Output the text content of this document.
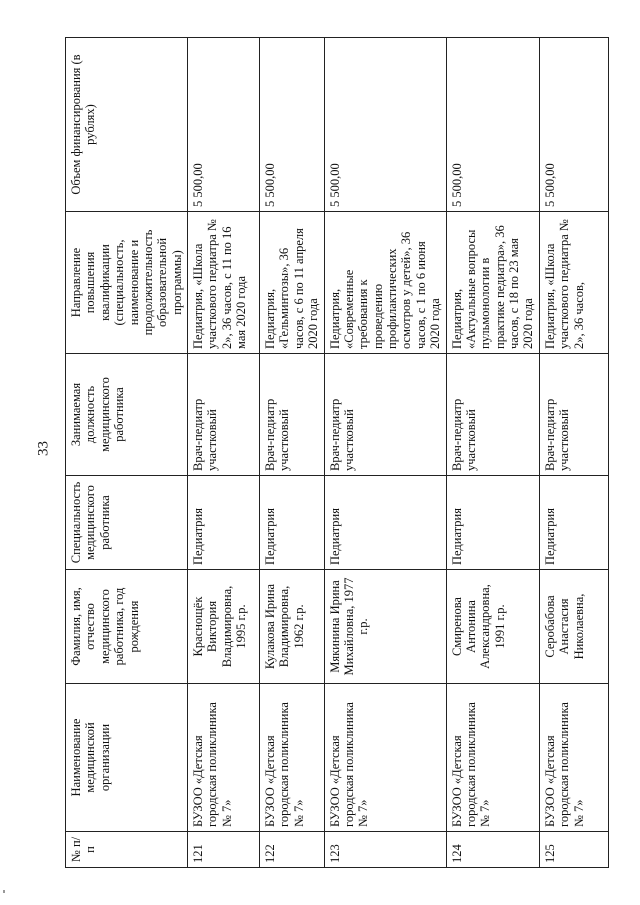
33
№ п/п	Наименование медицинской организации	Фамилия, имя, отчество медицинского работника, год рождения	Специальность медицинского работника	Занимаемая должность медицинского работника	Направление повышения квалификации (специальность, наименование и продолжительность образовательной программы)	Объем финансирования (в рублях)
121	БУЗОО «Детская городская поликлиника № 7»	Краснощёк Виктория Владимировна, 1995 г.р.	Педиатрия	Врач-педиатр участковый	Педиатрия, «Школа участкового педиатра № 2», 36 часов, с 11 по 16 мая 2020 года	5 500,00
122	БУЗОО «Детская городская поликлиника № 7»	Кулакова Ирина Владимировна, 1962 г.р.	Педиатрия	Врач-педиатр участковый	Педиатрия, «Гельминтозы», 36 часов, с 6 по 11 апреля 2020 года	5 500,00
123	БУЗОО «Детская городская поликлиника № 7»	Мякинина Ирина Михайловна, 1977 г.р.	Педиатрия	Врач-педиатр участковый	Педиатрия, «Современные требования к проведению профилактических осмотров у детей», 36 часов, с 1 по 6 июня 2020 года	5 500,00
124	БУЗОО «Детская городская поликлиника № 7»	Смиренова Антонина Александровна, 1991 г.р.	Педиатрия	Врач-педиатр участковый	Педиатрия, «Актуальные вопросы пульмонологии в практике педиатра», 36 часов, с 18 по 23 мая 2020 года	5 500,00
125	БУЗОО «Детская городская поликлиника № 7»	Серобабова Анастасия Николаевна,	Педиатрия	Врач-педиатр участковый	Педиатрия, «Школа участкового педиатра № 2», 36 часов,	5 500,00
